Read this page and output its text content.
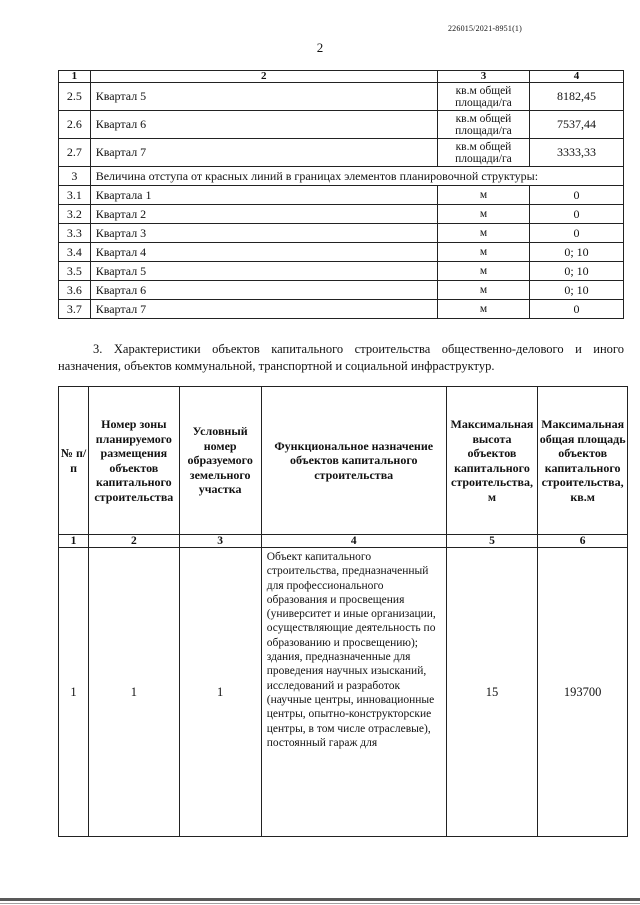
226015/2021-8951(1)
2
1	2	3	4
2.5	Квартал 5	кв.м общей площади/га	8182,45
2.6	Квартал 6	кв.м общей площади/га	7537,44
2.7	Квартал 7	кв.м общей площади/га	3333,33
3	Величина отступа от красных линий в границах элементов планировочной структуры:		
3.1	Квартала 1	м	0
3.2	Квартал 2	м	0
3.3	Квартал 3	м	0
3.4	Квартал 4	м	0; 10
3.5	Квартал 5	м	0; 10
3.6	Квартал 6	м	0; 10
3.7	Квартал 7	м	0

3. Характеристики объектов капитального строительства общественно-делового и иного назначения, объектов коммунальной, транспортной и социальной инфраструктур.

№ п/п	Номер зоны планируемого размещения объектов капитального строительства	Условный номер образуемого земельного участка	Функциональное назначение объектов капитального строительства	Максимальная высота объектов капитального строительства, м	Максимальная общая площадь объектов капитального строительства, кв.м
1	2	3	4	5	6
1	1	1	Объект капитального строительства, предназначенный для профессионального образования и просвещения (университет и иные организации, осуществляющие деятельность по образованию и просвещению); здания, предназначенные для проведения научных изысканий, исследований и разработок (научные центры, инновационные центры, опытно-конструкторские центры, в том числе отраслевые), постоянный гараж для	15	193700
